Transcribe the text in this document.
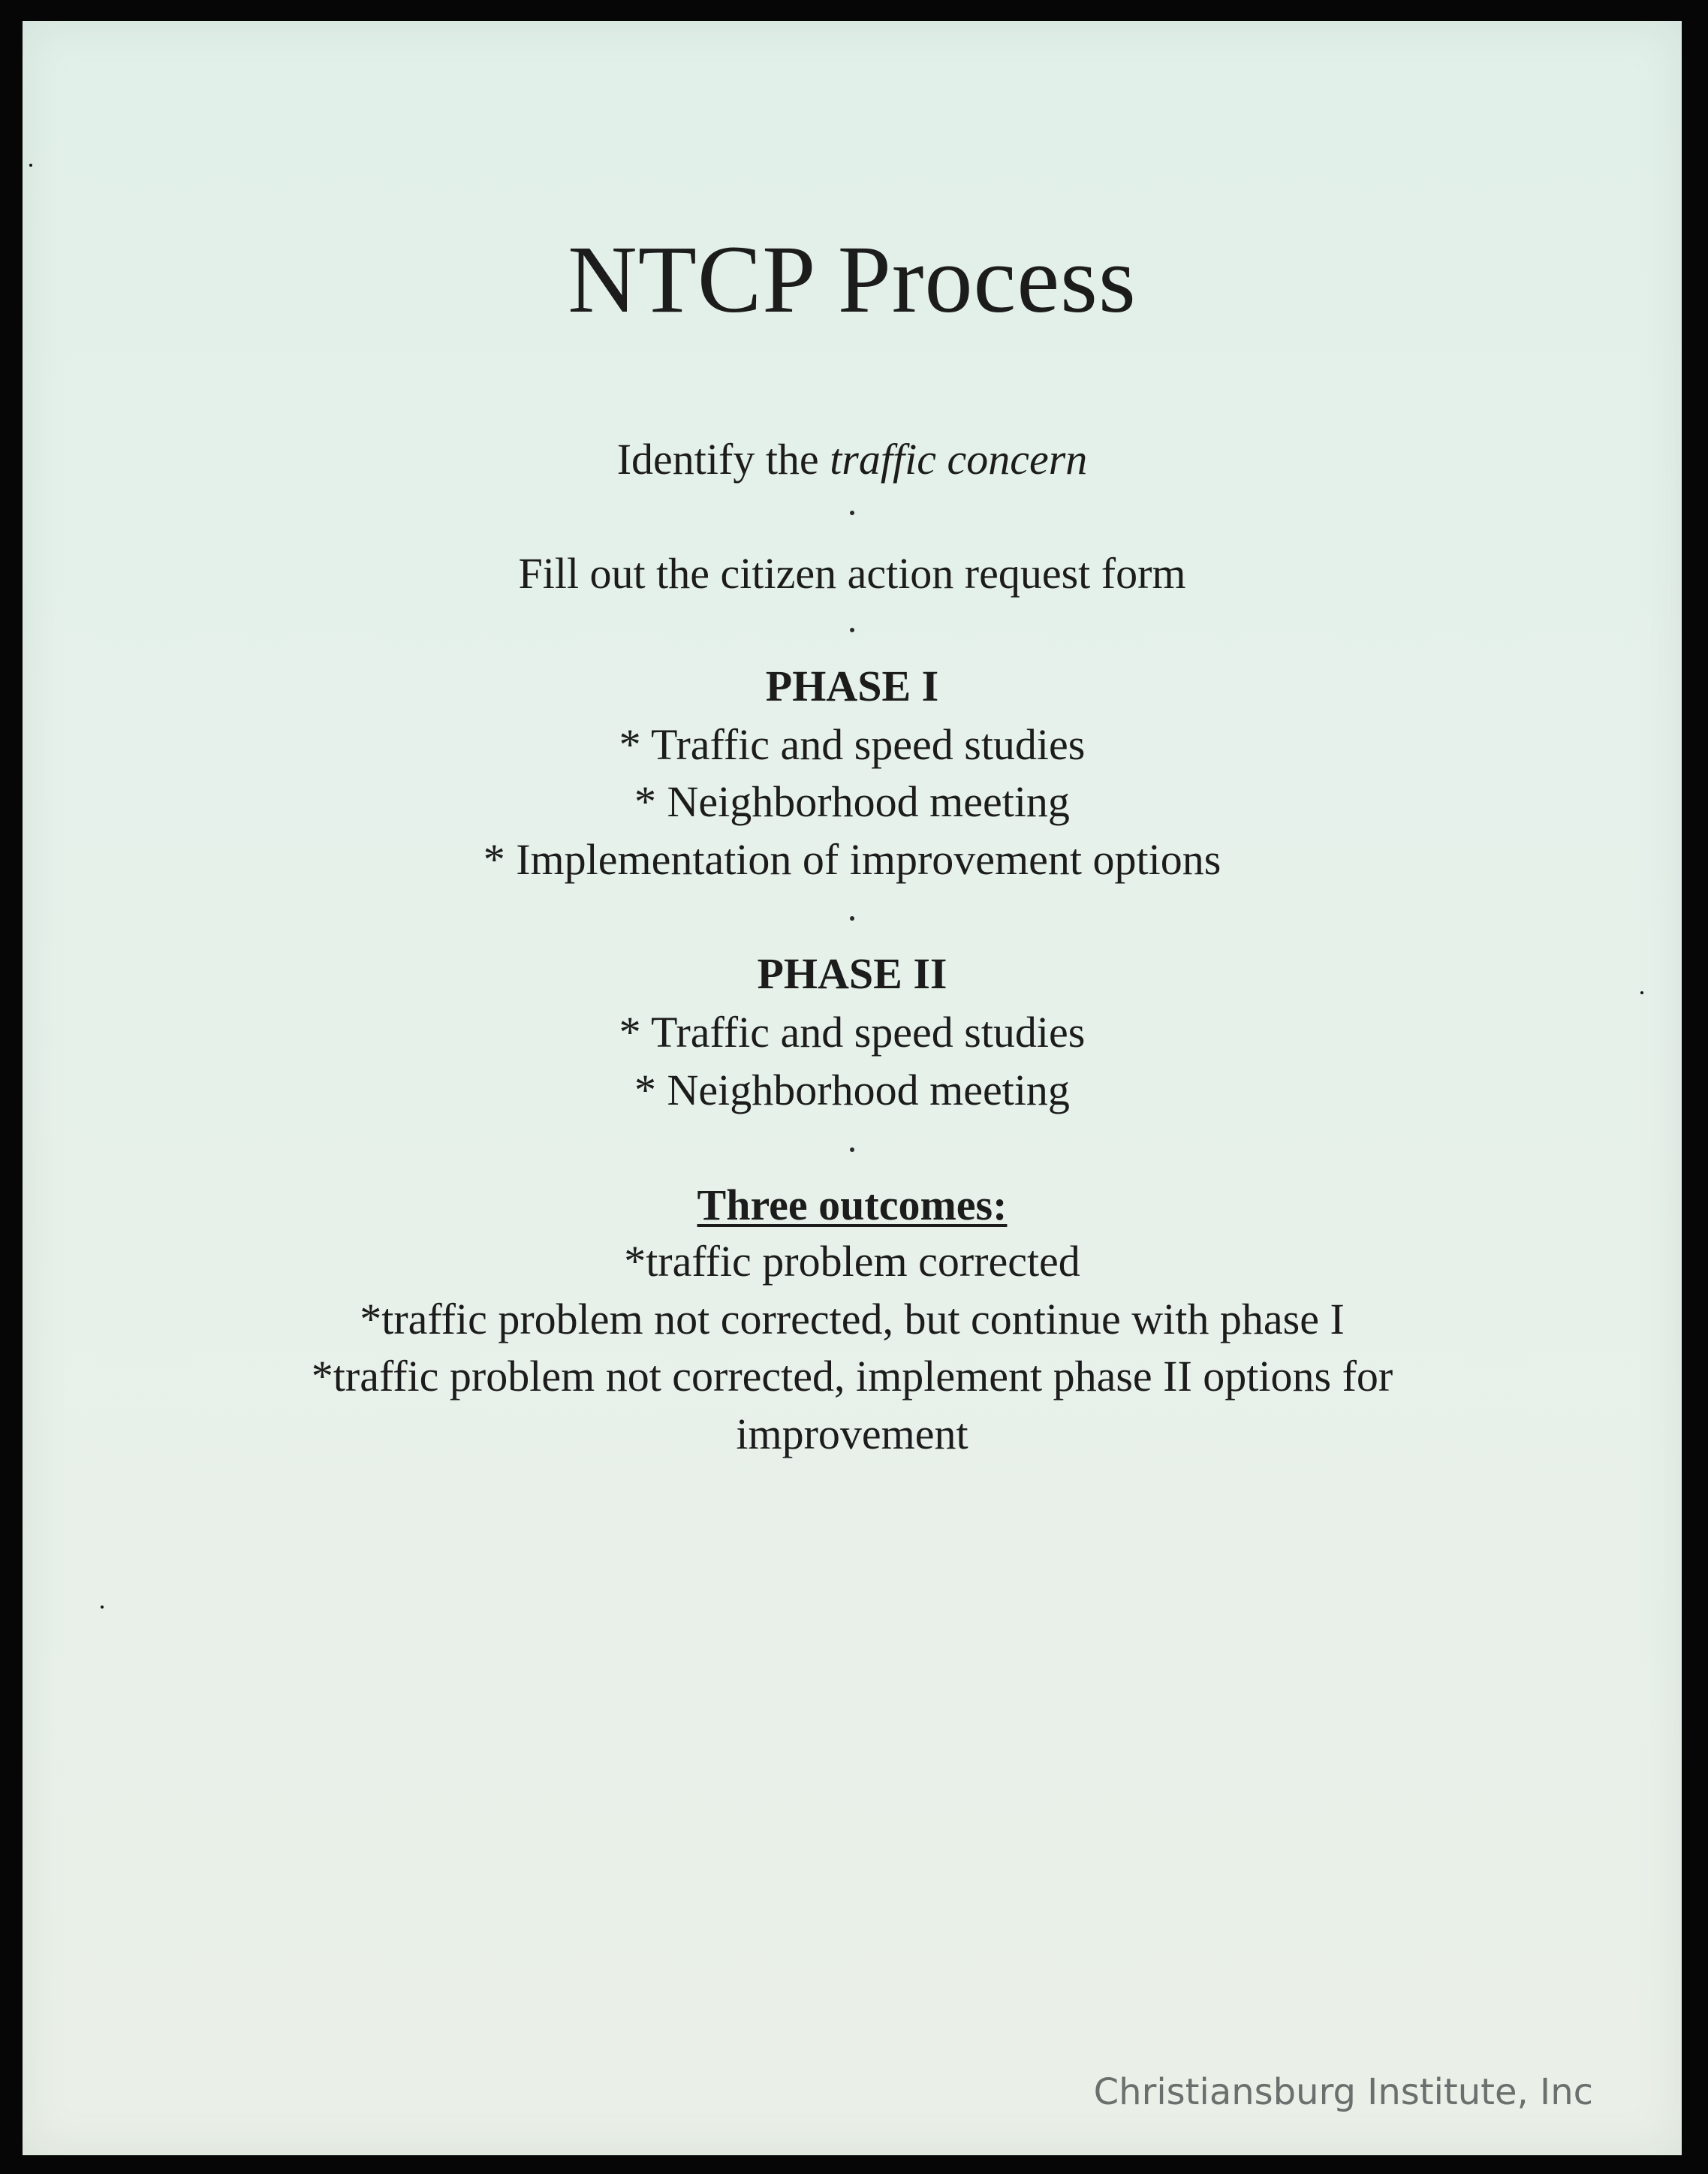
NTCP Process
Identify the traffic concern
Fill out the citizen action request form
PHASE I
* Traffic and speed studies
* Neighborhood meeting
* Implementation of improvement options
PHASE II
* Traffic and speed studies
* Neighborhood meeting
Three outcomes:
*traffic problem corrected
*traffic problem not corrected, but continue with phase I
*traffic problem not corrected, implement phase II options for
improvement
Christiansburg Institute, Inc
